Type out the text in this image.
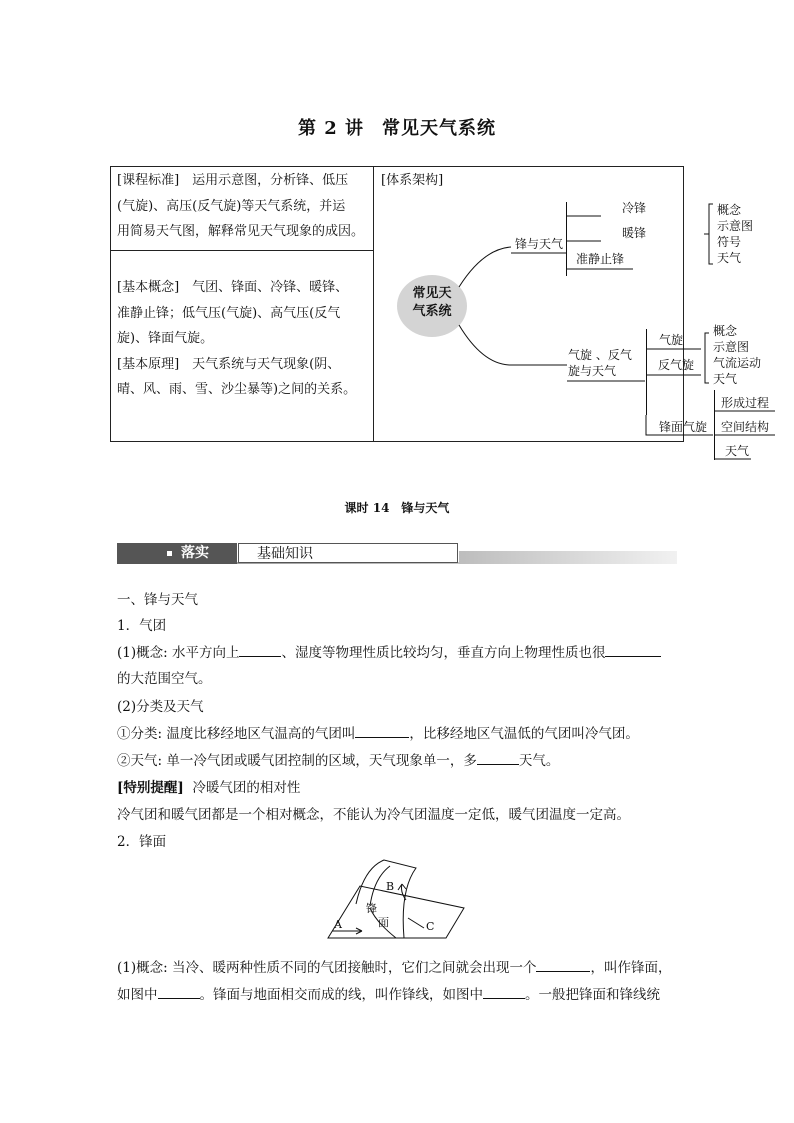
第 2 讲 常见天气系统
[课程标准]　运用示意图，分析锋、低压
(气旋)、高压(反气旋)等天气系统，并运
用简易天气图，解释常见天气现象的成因。
[基本概念]　气团、锋面、冷锋、暖锋、
准静止锋；低气压(气旋)、高气压(反气
旋)、锋面气旋。
[基本原理]　天气系统与天气现象(阴、
晴、风、雨、雪、沙尘暴等)之间的关系。
[体系架构]
常见天
气系统
锋与天气
冷锋
暖锋
准静止锋
概念
示意图
符号
天气
气旋 、反气
旋与天气
气旋
反气旋
概念
示意图
气流运动
天气
锋面气旋
形成过程
空间结构
天气
课时 14　锋与天气
落实	基础知识
一、锋与天气
1．气团
(1)概念: 水平方向上	、湿度等物理性质比较均匀，垂直方向上物理性质也很
的大范围空气。
(2)分类及天气
①分类: 温度比移经地区气温高的气团叫	，比移经地区气温低的气团叫冷气团。
②天气: 单一冷气团或暖气团控制的区域，天气现象单一，多	天气。
[特别提醒] 冷暖气团的相对性
冷气团和暖气团都是一个相对概念，不能认为冷气团温度一定低，暖气团温度一定高。
2．锋面
B
锋
A	面	C
(1)概念: 当冷、暖两种性质不同的气团接触时，它们之间就会出现一个	，叫作锋面，
如图中	。锋面与地面相交而成的线，叫作锋线，如图中	。一般把锋面和锋线统
